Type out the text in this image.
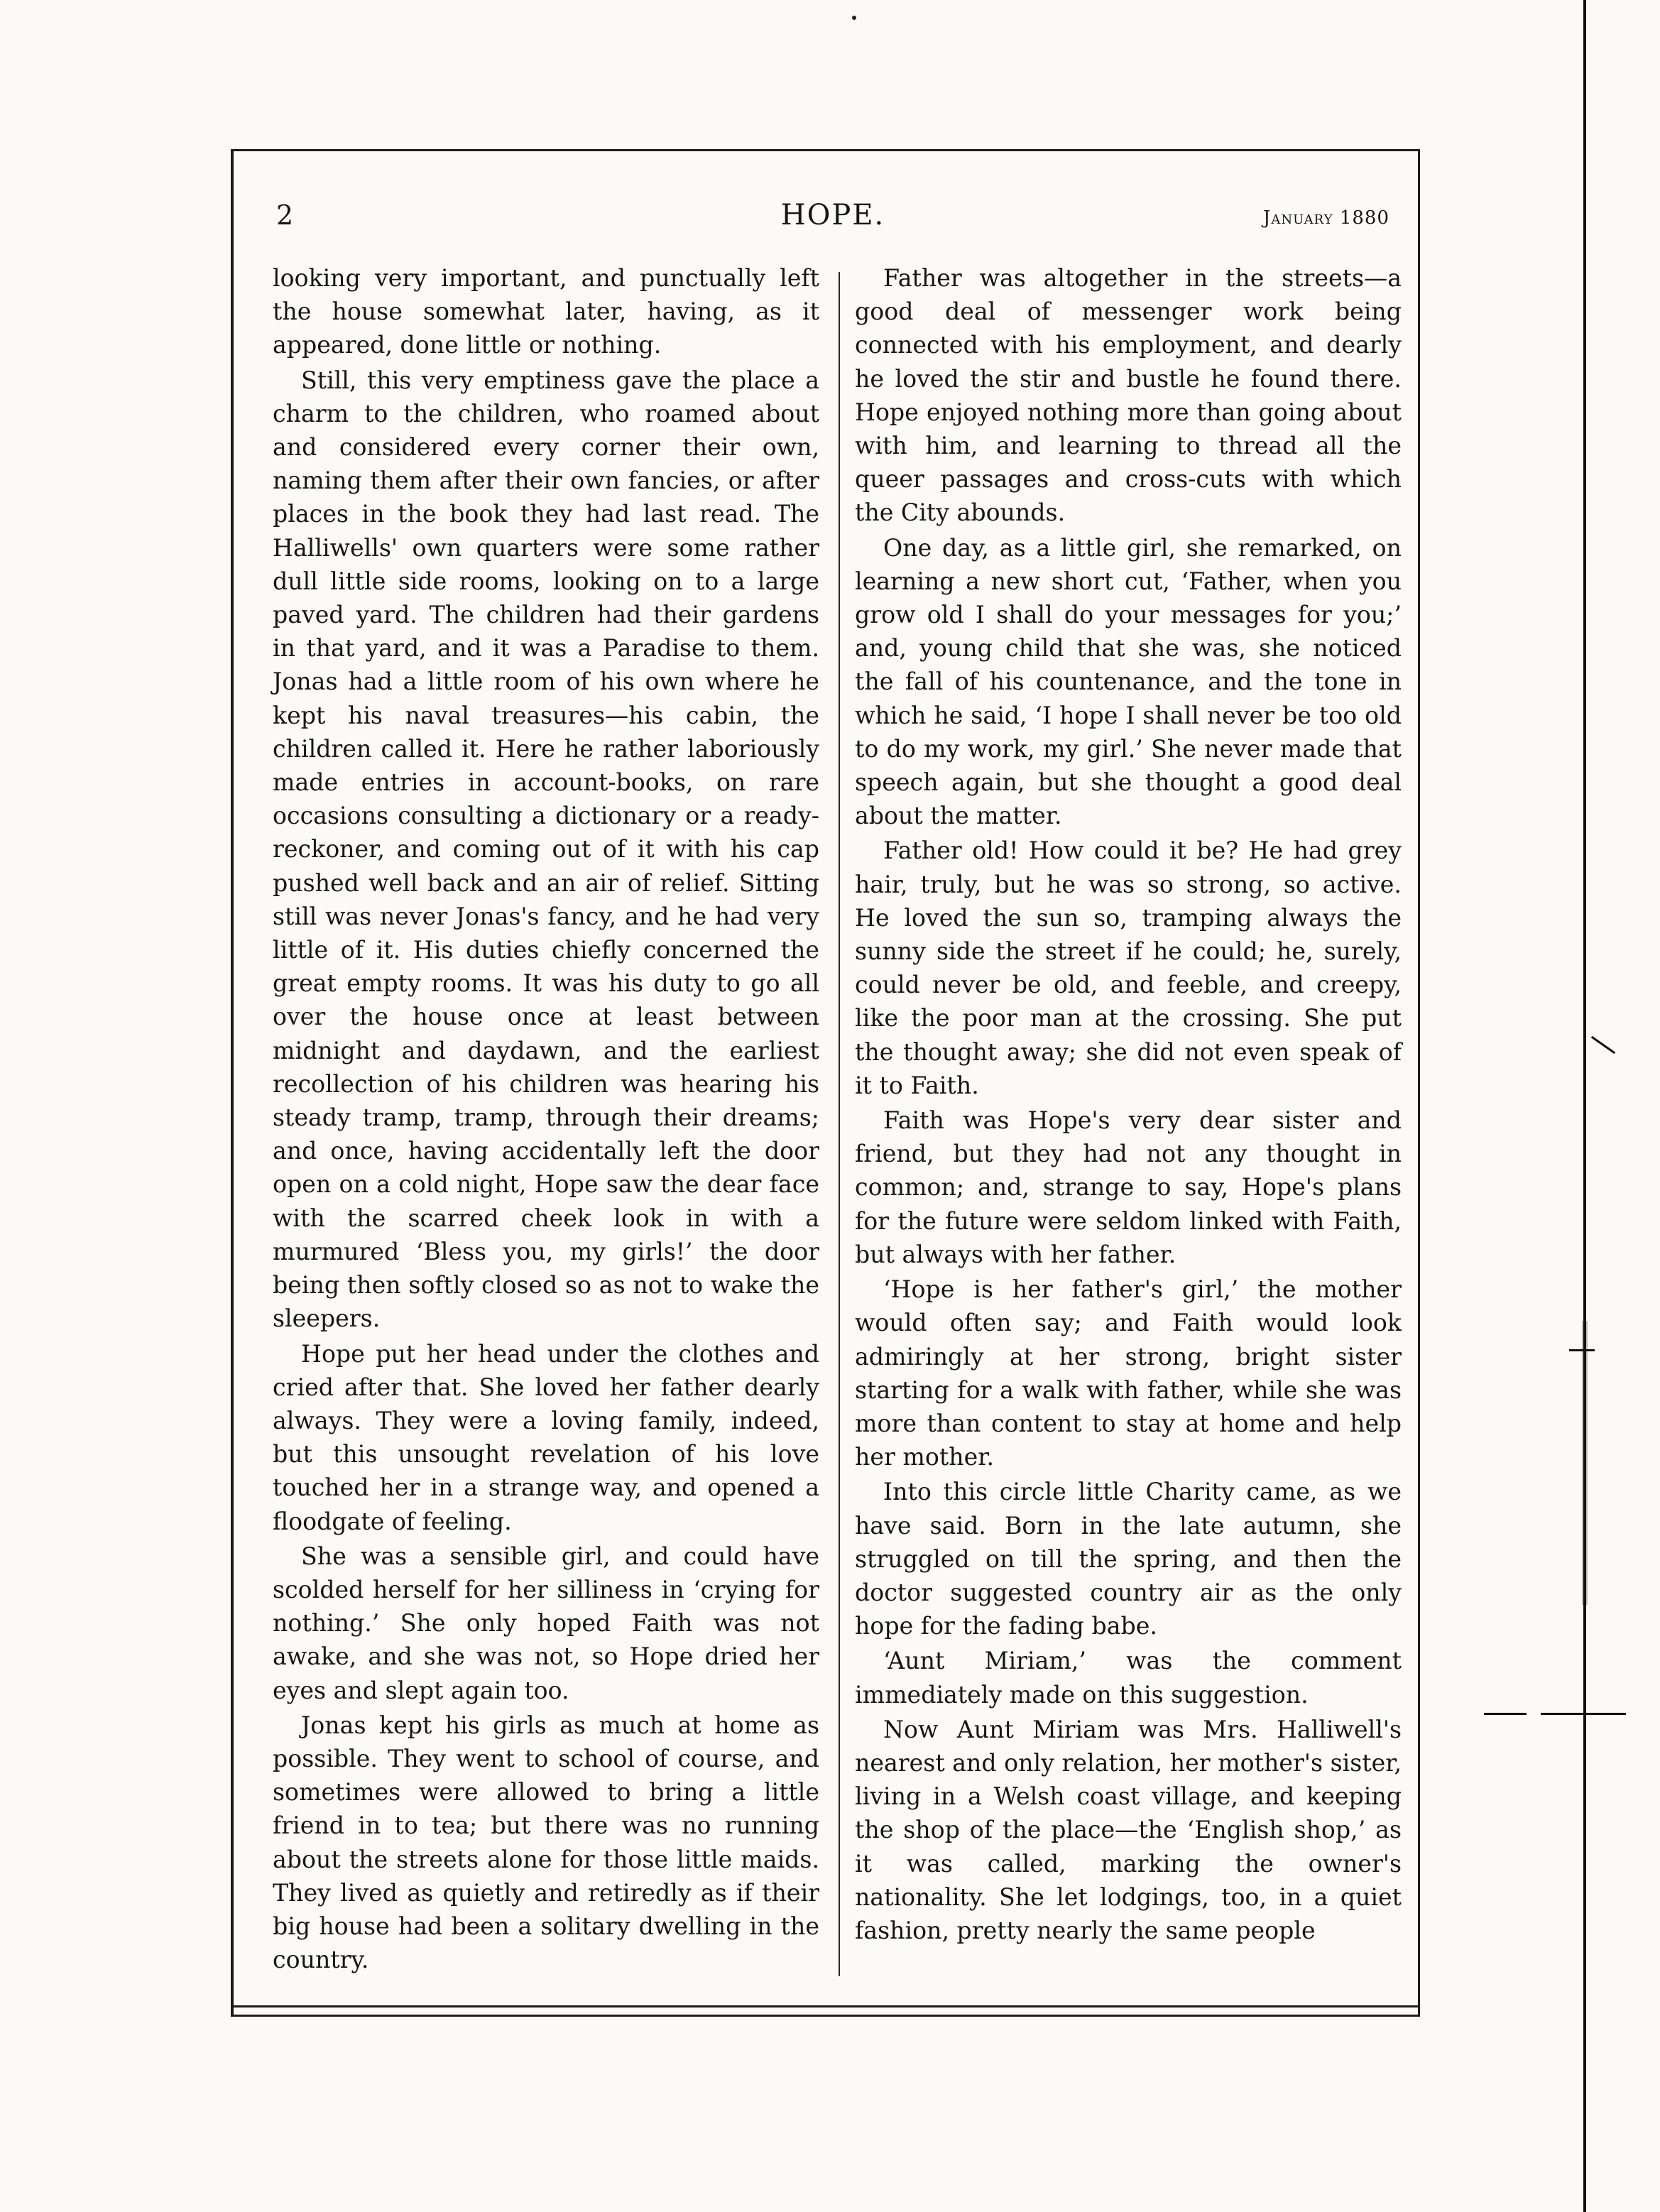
2	HOPE.	January 1880

looking very important, and punctually left the house somewhat later, having, as it appeared, done little or nothing.

Still, this very emptiness gave the place a charm to the children, who roamed about and considered every corner their own, naming them after their own fancies, or after places in the book they had last read. The Halliwells' own quarters were some rather dull little side rooms, looking on to a large paved yard. The children had their gardens in that yard, and it was a Paradise to them. Jonas had a little room of his own where he kept his naval treasures—his cabin, the children called it. Here he rather laboriously made entries in account-books, on rare occasions consulting a dictionary or a ready-reckoner, and coming out of it with his cap pushed well back and an air of relief. Sitting still was never Jonas's fancy, and he had very little of it. His duties chiefly concerned the great empty rooms. It was his duty to go all over the house once at least between midnight and daydawn, and the earliest recollection of his children was hearing his steady tramp, tramp, through their dreams; and once, having accidentally left the door open on a cold night, Hope saw the dear face with the scarred cheek look in with a murmured ‘Bless you, my girls!’ the door being then softly closed so as not to wake the sleepers.

Hope put her head under the clothes and cried after that. She loved her father dearly always. They were a loving family, indeed, but this unsought revelation of his love touched her in a strange way, and opened a floodgate of feeling.

She was a sensible girl, and could have scolded herself for her silliness in ‘crying for nothing.’ She only hoped Faith was not awake, and she was not, so Hope dried her eyes and slept again too.

Jonas kept his girls as much at home as possible. They went to school of course, and sometimes were allowed to bring a little friend in to tea; but there was no running about the streets alone for those little maids. They lived as quietly and retiredly as if their big house had been a solitary dwelling in the country.

Father was altogether in the streets—a good deal of messenger work being connected with his employment, and dearly he loved the stir and bustle he found there. Hope enjoyed nothing more than going about with him, and learning to thread all the queer passages and cross-cuts with which the City abounds.

One day, as a little girl, she remarked, on learning a new short cut, ‘Father, when you grow old I shall do your messages for you;’ and, young child that she was, she noticed the fall of his countenance, and the tone in which he said, ‘I hope I shall never be too old to do my work, my girl.’ She never made that speech again, but she thought a good deal about the matter.

Father old! How could it be? He had grey hair, truly, but he was so strong, so active. He loved the sun so, tramping always the sunny side the street if he could; he, surely, could never be old, and feeble, and creepy, like the poor man at the crossing. She put the thought away; she did not even speak of it to Faith.

Faith was Hope's very dear sister and friend, but they had not any thought in common; and, strange to say, Hope's plans for the future were seldom linked with Faith, but always with her father.

‘Hope is her father's girl,’ the mother would often say; and Faith would look admiringly at her strong, bright sister starting for a walk with father, while she was more than content to stay at home and help her mother.

Into this circle little Charity came, as we have said. Born in the late autumn, she struggled on till the spring, and then the doctor suggested country air as the only hope for the fading babe.

‘Aunt Miriam,’ was the comment immediately made on this suggestion.

Now Aunt Miriam was Mrs. Halliwell's nearest and only relation, her mother's sister, living in a Welsh coast village, and keeping the shop of the place—the ‘English shop,’ as it was called, marking the owner's nationality. She let lodgings, too, in a quiet fashion, pretty nearly the same people
